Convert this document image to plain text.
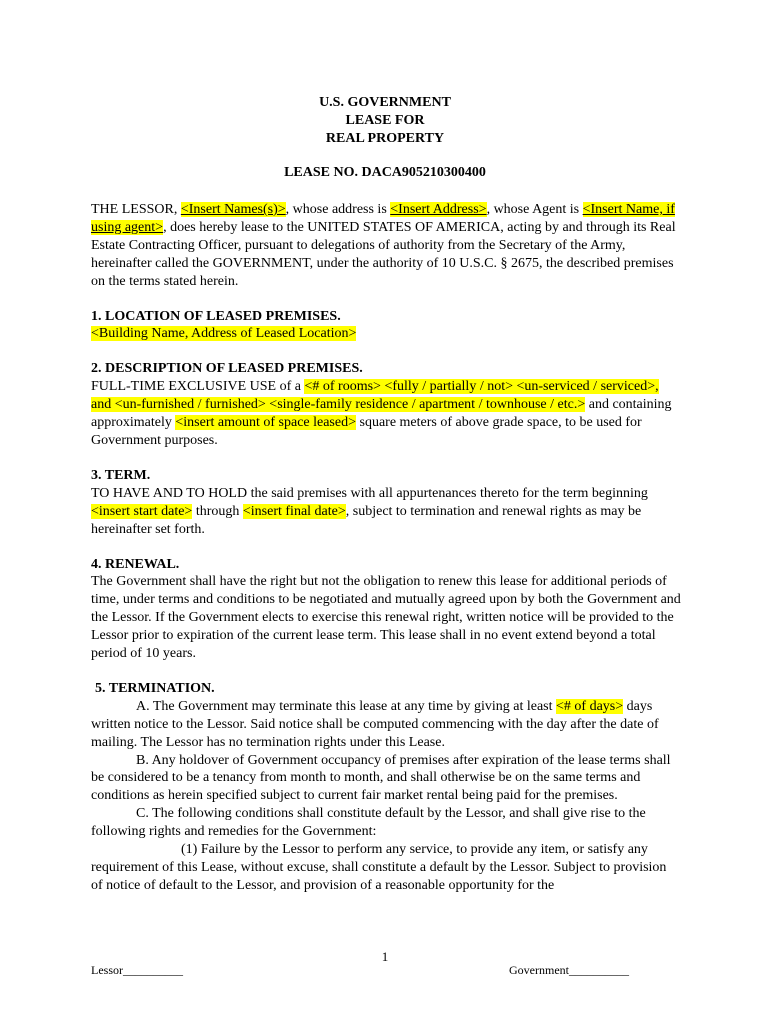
U.S. GOVERNMENT
LEASE FOR
REAL PROPERTY
LEASE NO. DACA905210300400

THE LESSOR, <Insert Names(s)>, whose address is <Insert Address>, whose Agent is <Insert Name, if using agent>, does hereby lease to the UNITED STATES OF AMERICA, acting by and through its Real Estate Contracting Officer, pursuant to delegations of authority from the Secretary of the Army, hereinafter called the GOVERNMENT, under the authority of 10 U.S.C. § 2675, the described premises on the terms stated herein.

1. LOCATION OF LEASED PREMISES.
<Building Name, Address of Leased Location>

2. DESCRIPTION OF LEASED PREMISES.
FULL-TIME EXCLUSIVE USE of a <# of rooms> <fully / partially / not> <un-serviced / serviced>, and <un-furnished / furnished> <single-family residence / apartment / townhouse / etc.> and containing approximately <insert amount of space leased> square meters of above grade space, to be used for Government purposes.

3. TERM.
TO HAVE AND TO HOLD the said premises with all appurtenances thereto for the term beginning <insert start date> through <insert final date>, subject to termination and renewal rights as may be hereinafter set forth.

4. RENEWAL.
The Government shall have the right but not the obligation to renew this lease for additional periods of time, under terms and conditions to be negotiated and mutually agreed upon by both the Government and the Lessor. If the Government elects to exercise this renewal right, written notice will be provided to the Lessor prior to expiration of the current lease term. This lease shall in no event extend beyond a total period of 10 years.

5. TERMINATION.
A. The Government may terminate this lease at any time by giving at least <# of days> days written notice to the Lessor. Said notice shall be computed commencing with the day after the date of mailing. The Lessor has no termination rights under this Lease.
B. Any holdover of Government occupancy of premises after expiration of the lease terms shall be considered to be a tenancy from month to month, and shall otherwise be on the same terms and conditions as herein specified subject to current fair market rental being paid for the premises.
C. The following conditions shall constitute default by the Lessor, and shall give rise to the following rights and remedies for the Government:
(1) Failure by the Lessor to perform any service, to provide any item, or satisfy any requirement of this Lease, without excuse, shall constitute a default by the Lessor. Subject to provision of notice of default to the Lessor, and provision of a reasonable opportunity for the
1
Lessor__________	Government__________
